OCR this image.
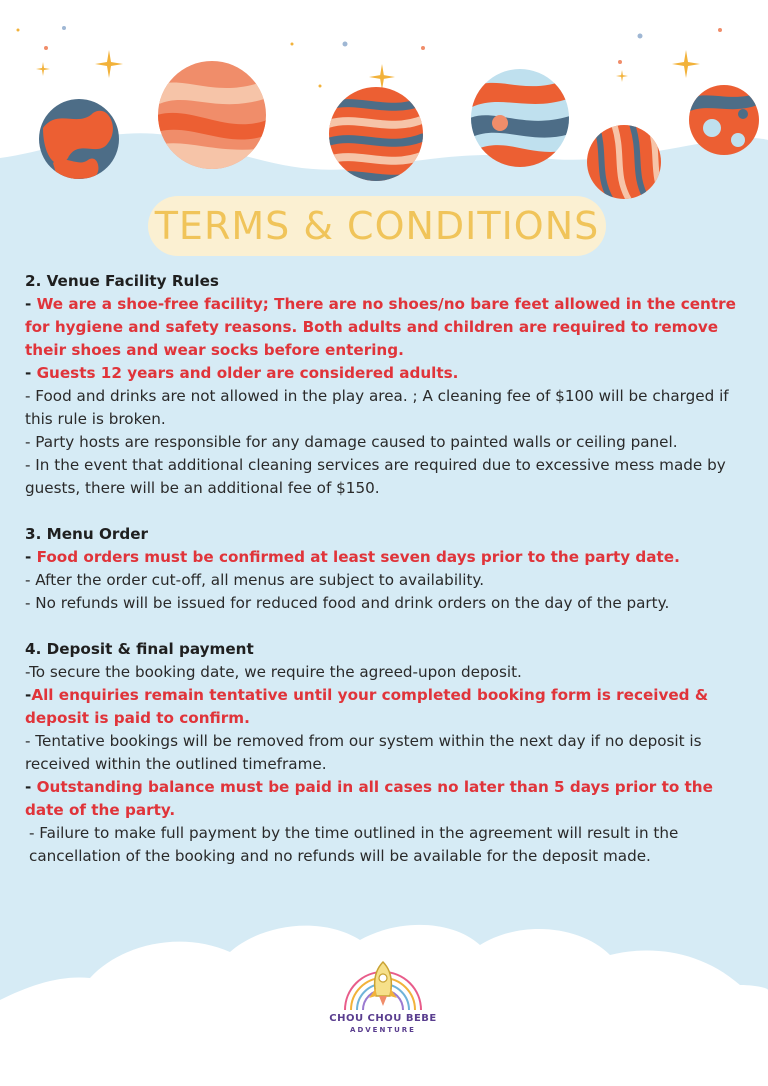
TERMS & CONDITIONS

2. Venue Facility Rules

- We are a shoe-free facility; There are no shoes/no bare feet allowed in the centre for hygiene and safety reasons. Both adults and children are required to remove their shoes and wear socks before entering.

- Guests 12 years and older are considered adults.

- Food and drinks are not allowed in the play area. ; A cleaning fee of $100 will be charged if this rule is broken.

- Party hosts are responsible for any damage caused to painted walls or ceiling panel.

- In the event that additional cleaning services are required due to excessive mess made by guests, there will be an additional fee of $150.

3. Menu Order

- Food orders must be confirmed at least seven days prior to the party date.

- After the order cut-off, all menus are subject to availability.

- No refunds will be issued for reduced food and drink orders on the day of the party.

4. Deposit & final payment

-To secure the booking date, we require the agreed-upon deposit.

-All enquiries remain tentative until your completed booking form is received & deposit is paid to confirm.

- Tentative bookings will be removed from our system within the next day if no deposit is received within the outlined timeframe.

- Outstanding balance must be paid in all cases no later than 5 days prior to the date of the party.

- Failure to make full payment by the time outlined in the agreement will result in the cancellation of the booking and no refunds will be available for the deposit made.

CHOU CHOU BEBE
ADVENTURE
